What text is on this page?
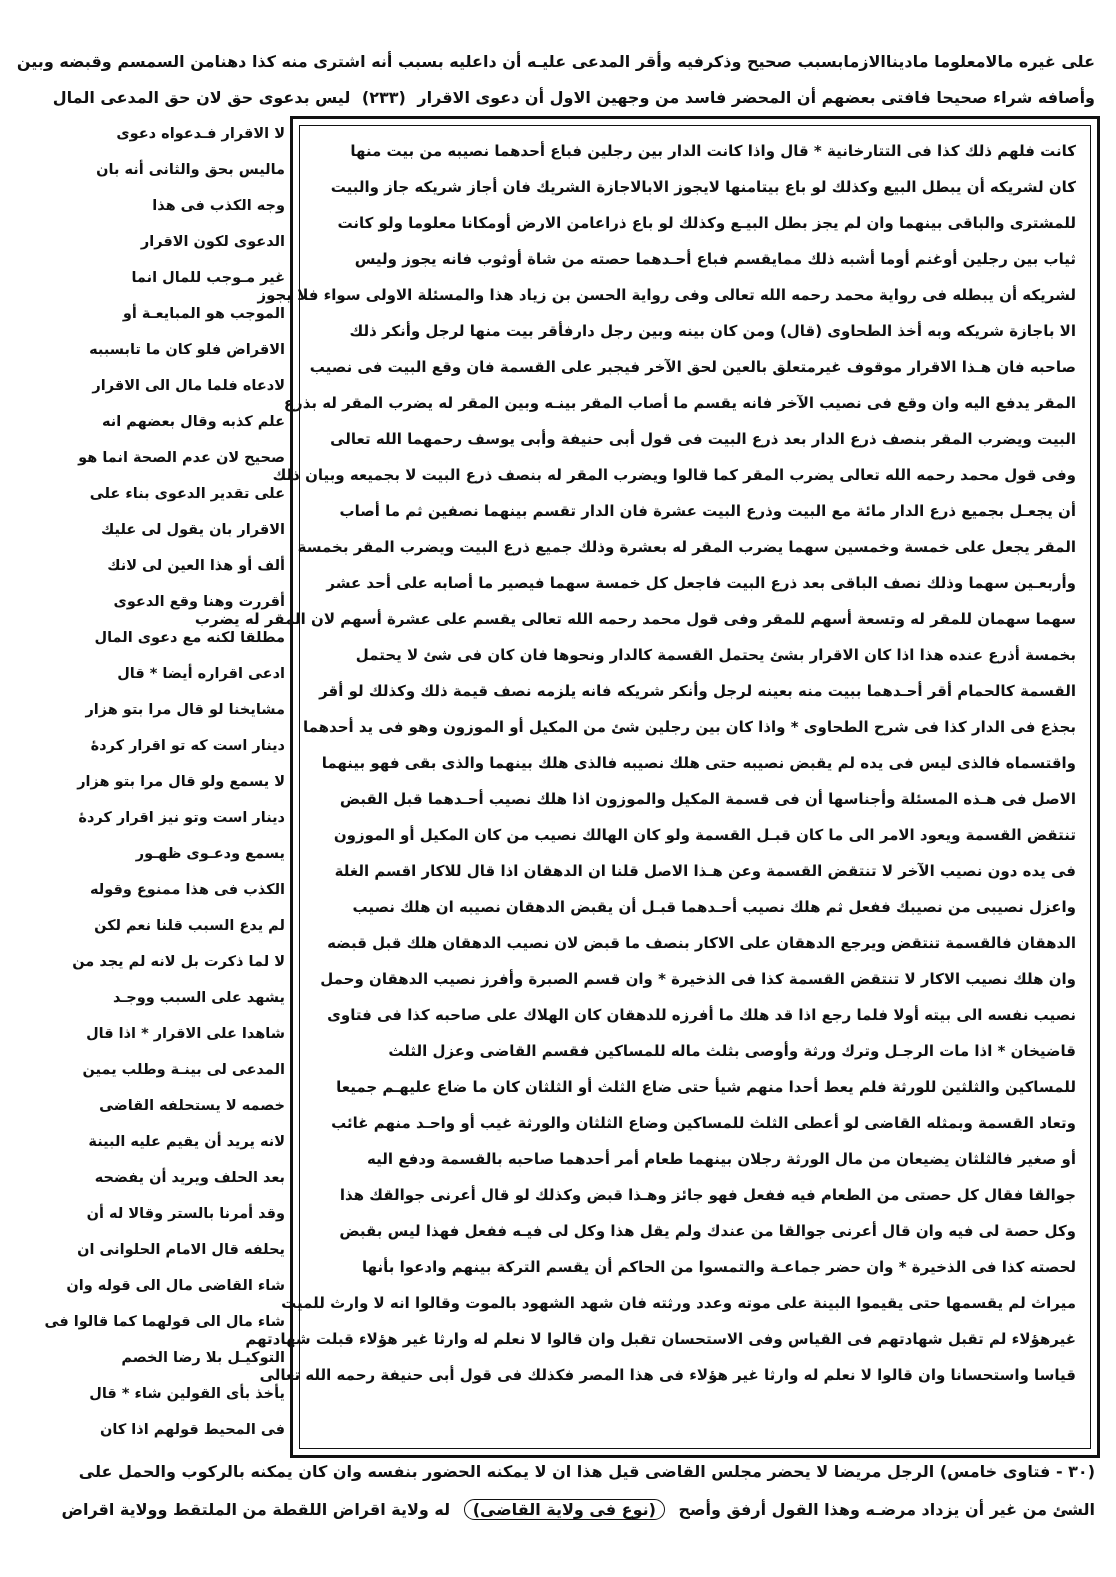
على غيره مالامعلوما ماديناالازمابسبب صحيح وذكرفيه وأقر المدعى عليـه أن داعليه بسبب أنه اشترى منه كذا دهنامن السمسم وقبضه وبين
وأصافه شراء صحيحا فافتى بعضهم أن المحضر فاسد من وجهين الاول أن دعوى الاقرار (٢٣٣) ليس بدعوى حق لان حق المدعى المال
لا الاقرار فـدعواه دعوى
ماليس بحق والثانى أنه بان
وجه الكذب فى هذا
الدعوى لكون الاقرار
غير مـوجب للمال انما
الموجب هو المبايعـة أو
الاقراض فلو كان ما تابسببه
لادعاه فلما مال الى الاقرار
علم كذبه وقال بعضهم انه
صحيح لان عدم الصحة انما هو
على تقدير الدعوى بناء على
الاقرار بان يقول لى عليك
ألف أو هذا العين لى لانك
أقررت وهنا وقع الدعوى
مطلقا لكنه مع دعوى المال
ادعى اقراره أيضا * قال
مشايخنا لو قال مرا بتو هزار
دينار است كه تو اقرار كردهٔ
لا يسمع ولو قال مرا بتو هزار
دينار است وتو نيز اقرار كردهٔ
يسمع ودعـوى ظهـور
الكذب فى هذا ممنوع وقوله
لم يدع السبب قلنا نعم لكن
لا لما ذكرت بل لانه لم يجد من
يشهد على السبب ووجـد
شاهدا على الاقرار * اذا قال
المدعى لى بينـة وطلب يمين
خصمه لا يستحلفه القاضى
لانه يريد أن يقيم عليه البينة
بعد الحلف ويريد أن يفضحه
وقد أمرنا بالستر وقالا له أن
يحلفه قال الامام الحلوانى ان
شاء القاضى مال الى قوله وان
شاء مال الى قولهما كما قالوا فى
التوكيـل بلا رضا الخصم
يأخذ بأى القولين شاء * قال
فى المحيط قولهم اذا كان
كانت فلهم ذلك كذا فى التتارخانية * قال واذا كانت الدار بين رجلين فباع أحدهما نصيبه من بيت منها
كان لشريكه أن يبطل البيع وكذلك لو باع بيتامنها لايجوز الابالاجازة الشريك فان أجاز شريكه جاز والبيت
للمشترى والباقى بينهما وان لم يجز بطل البيـع وكذلك لو باع ذراعامن الارض أومكانا معلوما ولو كانت
ثياب بين رجلين أوغنم أوما أشبه ذلك ممايقسم فباع أحـدهما حصته من شاة أوثوب فانه يجوز وليس
لشريكه أن يبطله فى رواية محمد رحمه الله تعالى وفى رواية الحسن بن زياد هذا والمسئلة الاولى سواء فلا يجوز
الا باجازة شريكه وبه أخذ الطحاوى (قال) ومن كان بينه وبين رجل دارفأقر بيت منها لرجل وأنكر ذلك
صاحبه فان هـذا الاقرار موقوف غيرمتعلق بالعين لحق الآخر فيجبر على القسمة فان وقع البيت فى نصيب
المقر يدفع اليه وان وقع فى نصيب الآخر فانه يقسم ما أصاب المقر بينـه وبين المقر له يضرب المقر له بذرع
البيت ويضرب المقر بنصف ذرع الدار بعد ذرع البيت فى قول أبى حنيفة وأبى يوسف رحمهما الله تعالى
وفى قول محمد رحمه الله تعالى يضرب المقر كما قالوا ويضرب المقر له بنصف ذرع البيت لا بجميعه وبيان ذلك
أن يجعـل بجميع ذرع الدار مائة مع البيت وذرع البيت عشرة فان الدار تقسم بينهما نصفين ثم ما أصاب
المقر يجعل على خمسة وخمسين سهما يضرب المقر له بعشرة وذلك جميع ذرع البيت ويضرب المقر بخمسة
وأربعـين سهما وذلك نصف الباقى بعد ذرع البيت فاجعل كل خمسة سهما فيصير ما أصابه على أحد عشر
سهما سهمان للمقر له وتسعة أسهم للمقر وفى قول محمد رحمه الله تعالى يقسم على عشرة أسهم لان المقر له يضرب
بخمسة أذرع عنده هذا اذا كان الاقرار بشئ يحتمل القسمة كالدار ونحوها فان كان فى شئ لا يحتمل
القسمة كالحمام أقر أحـدهما ببيت منه بعينه لرجل وأنكر شريكه فانه يلزمه نصف قيمة ذلك وكذلك لو أقر
بجذع فى الدار كذا فى شرح الطحاوى * واذا كان بين رجلين شئ من المكيل أو الموزون وهو فى يد أحدهما
واقتسماه فالذى ليس فى يده لم يقبض نصيبه حتى هلك نصيبه فالذى هلك بينهما والذى بقى فهو بينهما
الاصل فى هـذه المسئلة وأجناسها أن فى قسمة المكيل والموزون اذا هلك نصيب أحـدهما قبل القبض
تنتقض القسمة ويعود الامر الى ما كان قبـل القسمة ولو كان الهالك نصيب من كان المكيل أو الموزون
فى يده دون نصيب الآخر لا تنتقض القسمة وعن هـذا الاصل قلنا ان الدهقان اذا قال للاكار اقسم الغلة
واعزل نصيبى من نصيبك ففعل ثم هلك نصيب أحـدهما قبـل أن يقبض الدهقان نصيبه ان هلك نصيب
الدهقان فالقسمة تنتقض ويرجع الدهقان على الاكار بنصف ما قبض لان نصيب الدهقان هلك قبل قبضه
وان هلك نصيب الاكار لا تنتقض القسمة كذا فى الذخيرة * وان قسم الصبرة وأفرز نصيب الدهقان وحمل
نصيب نفسه الى بيته أولا فلما رجع اذا قد هلك ما أفرزه للدهقان كان الهلاك على صاحبه كذا فى فتاوى
قاضيخان * اذا مات الرجـل وترك ورثة وأوصى بثلث ماله للمساكين فقسم القاضى وعزل الثلث
للمساكين والثلثين للورثة فلم يعط أحدا منهم شيأ حتى ضاع الثلث أو الثلثان كان ما ضاع عليهـم جميعا
وتعاد القسمة وبمثله القاضى لو أعطى الثلث للمساكين وضاع الثلثان والورثة غيب أو واحـد منهم غائب
أو صغير فالثلثان يضيعان من مال الورثة رجلان بينهما طعام أمر أحدهما صاحبه بالقسمة ودفع اليه
جوالقا فقال كل حصتى من الطعام فيه ففعل فهو جائز وهـذا قبض وكذلك لو قال أعرنى جوالقك هذا
وكل حصة لى فيه وان قال أعرنى جوالقا من عندك ولم يقل هذا وكل لى فيـه ففعل فهذا ليس بقبض
لحصته كذا فى الذخيرة * وان حضر جماعـة والتمسوا من الحاكم أن يقسم التركة بينهم وادعوا بأنها
ميراث لم يقسمها حتى يقيموا البينة على موته وعدد ورثته فان شهد الشهود بالموت وقالوا انه لا وارث للميت
غيرهؤلاء لم تقبل شهادتهم فى القياس وفى الاستحسان تقبل وان قالوا لا نعلم له وارثا غير هؤلاء قبلت شهادتهم
قياسا واستحسانا وان قالوا لا نعلم له وارثا غير هؤلاء فى هذا المصر فكذلك فى قول أبى حنيفة رحمه الله تعالى
(٣٠ - فتاوى خامس) الرجل مريضا لا يحضر مجلس القاضى قيل هذا ان لا يمكنه الحضور بنفسه وان كان يمكنه بالركوب والحمل على
الشئ من غير أن يزداد مرضـه وهذا القول أرفق وأصح (نوع فى ولاية القاضى) له ولاية اقراض اللقطة من الملتقط وولاية اقراض
